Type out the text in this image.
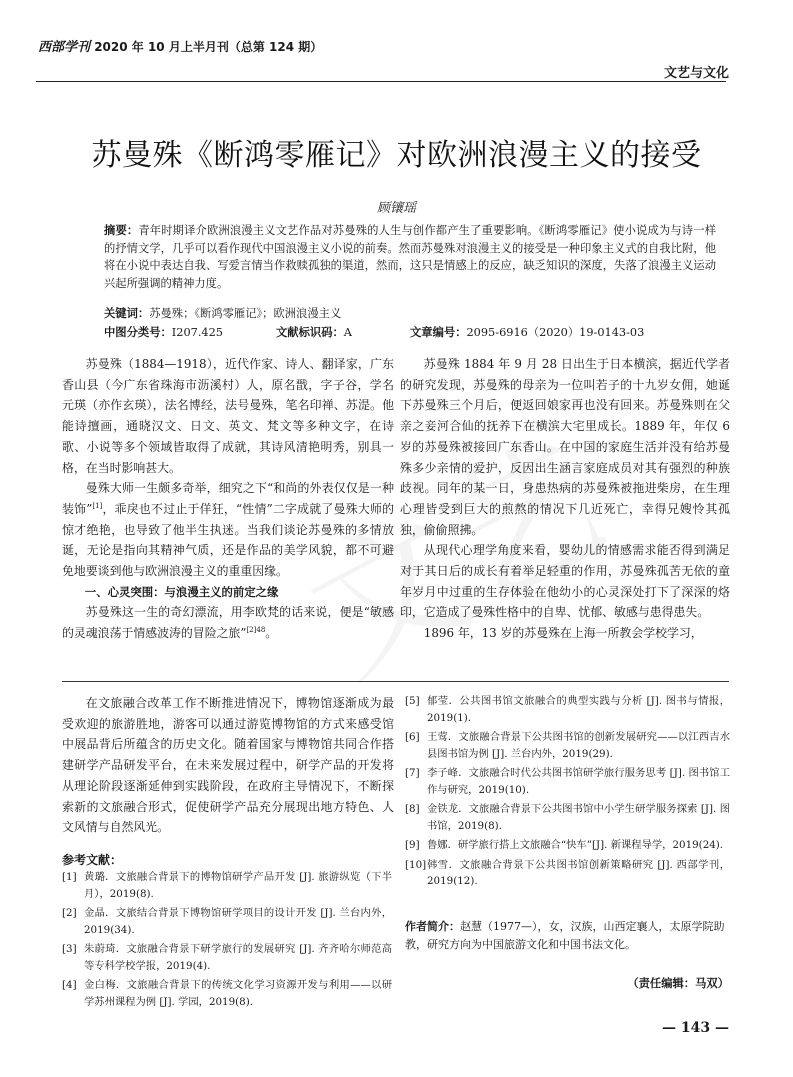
西部学刊 2020 年 10 月上半月刊（总第 124 期）
文艺与文化
苏曼殊《断鸿零雁记》对欧洲浪漫主义的接受
顾镶瑶
摘要：青年时期译介欧洲浪漫主义文艺作品对苏曼殊的人生与创作都产生了重要影响。《断鸿零雁记》使小说成为与诗一样的抒情文学，几乎可以看作现代中国浪漫主义小说的前奏。然而苏曼殊对浪漫主义的接受是一种印象主义式的自我比附，他将在小说中表达自我、写爱言情当作救赎孤独的渠道，然而，这只是情感上的反应，缺乏知识的深度，失落了浪漫主义运动兴起所强调的精神力度。
关键词：苏曼殊；《断鸿零雁记》；欧洲浪漫主义
中图分类号：I207.425	文献标识码：A	文章编号：2095-6916（2020）19-0143-03

苏曼殊（1884—1918），近代作家、诗人、翻译家，广东香山县（今广东省珠海市沥溪村）人，原名戬，字子谷，学名元瑛（亦作玄瑛），法名博经，法号曼殊，笔名印禅、苏湜。他能诗擅画，通晓汉文、日文、英文、梵文等多种文字，在诗歌、小说等多个领域皆取得了成就，其诗风清艳明秀，别具一格，在当时影响甚大。

曼殊大师一生颇多奇举，细究之下“和尚的外表仅仅是一种装饰”[1]，乖戾也不过止于佯狂，“性情”二字成就了曼殊大师的惊才绝艳，也导致了他半生执迷。当我们谈论苏曼殊的多情放诞，无论是指向其精神气质，还是作品的美学风貌，都不可避免地要谈到他与欧洲浪漫主义的重重因缘。

一、心灵突围：与浪漫主义的前定之缘

苏曼殊这一生的奇幻漂流，用李欧梵的话来说，便是“敏感的灵魂浪荡于情感波涛的冒险之旅”$^{[2]48}$。

苏曼殊 1884 年 9 月 28 日出生于日本横滨，据近代学者的研究发现，苏曼殊的母亲为一位叫若子的十九岁女佣，她诞下苏曼殊三个月后，便返回娘家再也没有回来。苏曼殊则在父亲之妾河合仙的抚养下在横滨大宅里成长。1889 年，年仅 6 岁的苏曼殊被接回广东香山。在中国的家庭生活并没有给苏曼殊多少亲情的爱护，反因出生涵言家庭成员对其有强烈的种族歧视。同年的某一日，身患热病的苏曼殊被拖进柴房，在生理心理皆受到巨大的煎熬的情况下几近死亡，幸得兄嫂怜其孤独，偷偷照拂。

从现代心理学角度来看，婴幼儿的情感需求能否得到满足对于其日后的成长有着举足轻重的作用，苏曼殊孤苦无依的童年岁月中过重的生存体验在他幼小的心灵深处打下了深深的烙印，它造成了曼殊性格中的自卑、忧郁、敏感与患得患失。

1896 年，13 岁的苏曼殊在上海一所教会学校学习，

在文旅融合改革工作不断推进情况下，博物馆逐渐成为最受欢迎的旅游胜地，游客可以通过游览博物馆的方式来感受馆中展品背后所蕴含的历史文化。随着国家与博物馆共同合作搭建研学产品研发平台，在未来发展过程中，研学产品的开发将从理论阶段逐渐延伸到实践阶段，在政府主导情况下，不断探索新的文旅融合形式，促使研学产品充分展现出地方特色、人文风情与自然风光。

参考文献：
[1] 黄璐．文旅融合背景下的博物馆研学产品开发 [J]. 旅游纵览（下半月），2019(8).
[2] 金晶．文旅结合背景下博物馆研学项目的设计开发 [J]. 兰台内外，2019(34).
[3] 朱蔚琦．文旅融合背景下研学旅行的发展研究 [J]. 齐齐哈尔师范高等专科学校学报，2019(4).
[4] 金白梅．文旅融合背景下的传统文化学习资源开发与利用——以研学苏州课程为例 [J]. 学园，2019(8).
[5] 郁莹．公共图书馆文旅融合的典型实践与分析 [J]. 图书与情报，2019(1).
[6] 王莺．文旅融合背景下公共图书馆的创新发展研究——以江西吉水县图书馆为例 [J]. 兰台内外，2019(29).
[7] 李子峰．文旅融合时代公共图书馆研学旅行服务思考 [J]. 图书馆工作与研究，2019(10).
[8] 金铁龙．文旅融合背景下公共图书馆中小学生研学服务探索 [J]. 图书馆，2019(8).
[9] 鲁娜．研学旅行搭上文旅融合“快车”[J]. 新课程导学，2019(24).
[10] 韩雪．文旅融合背景下公共图书馆创新策略研究 [J]. 西部学刊，2019(12).
作者简介： 赵慧（1977—），女，汉族，山西定襄人，太原学院助教，研究方向为中国旅游文化和中国书法文化。
（责任编辑：马双）
— 143 —
